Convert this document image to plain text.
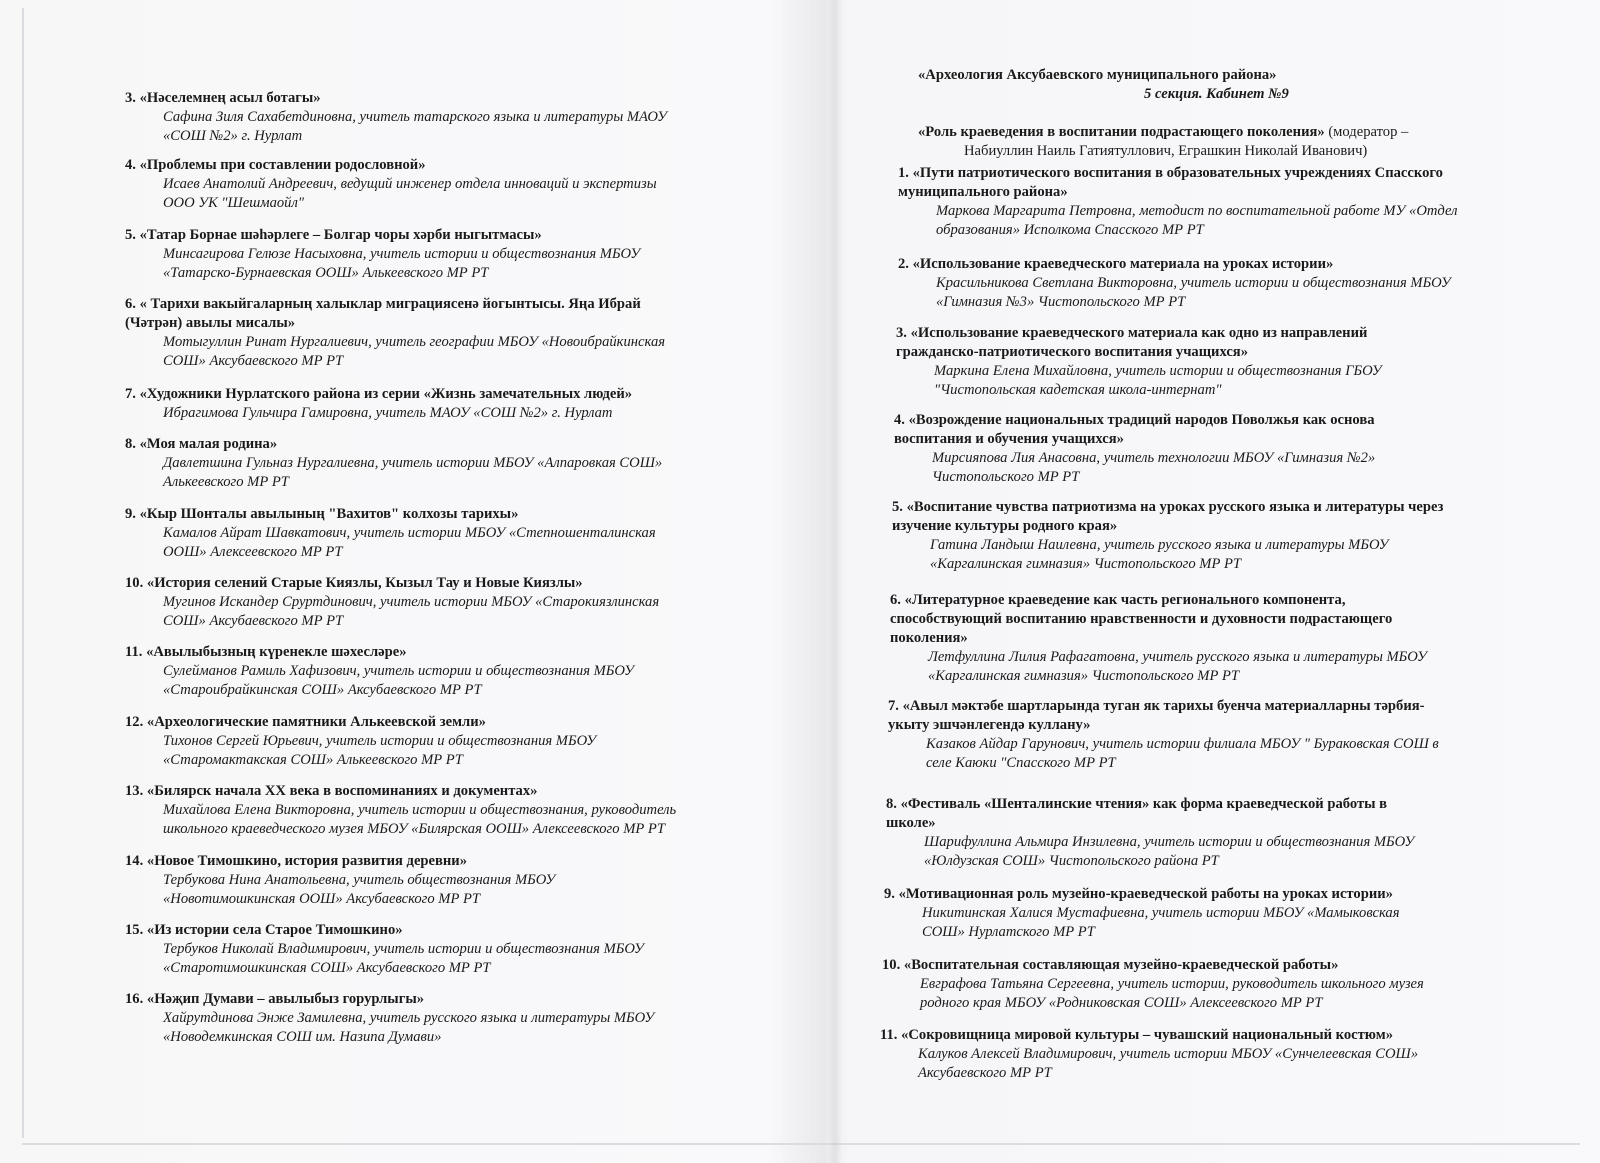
3. «Нәселемнең асыл ботагы»
Сафина Зиля Сахабетдиновна, учитель татарского языка и литературы МАОУ
«СОШ №2» г. Нурлат
4. «Проблемы при составлении родословной»
Исаев Анатолий Андреевич, ведущий инженер отдела инноваций и экспертизы
ООО УК "Шешмаойл"
5. «Татар Борнае шәһәрлеге – Болгар чоры хәрби ныгытмасы»
Минсагирова Гелюзе Насыховна, учитель истории и обществознания МБОУ
«Татарско-Бурнаевская ООШ» Алькеевского МР РТ
6. « Тарихи вакыйгаларның халыклар миграциясенә йогынтысы. Яңа Ибрай
(Чәтрән) авылы мисалы»
Мотыгуллин Ринат Нургалиевич, учитель географии МБОУ «Новоибрайкинская
СОШ» Аксубаевского МР РТ
7. «Художники Нурлатского района из серии «Жизнь замечательных людей»
Ибрагимова Гульчира Гамировна, учитель МАОУ «СОШ №2» г. Нурлат
8. «Моя малая родина»
Давлетшина Гульназ Нургалиевна, учитель истории МБОУ «Алпаровкая СОШ»
Алькеевского МР РТ
9. «Кыр Шонталы авылының "Вахитов" колхозы тарихы»
Камалов Айрат Шавкатович, учитель истории МБОУ «Степношенталинская
ООШ» Алексеевского МР РТ
10. «История селений Старые Киязлы, Кызыл Тау и Новые Киязлы»
Мугинов Искандер Сруртдинович, учитель истории МБОУ «Старокиязлинская
СОШ» Аксубаевского МР РТ
11. «Авылыбызның күренекле шәхесләре»
Сулейманов Рамиль Хафизович, учитель истории и обществознания МБОУ
«Староибрайкинская СОШ» Аксубаевского МР РТ
12. «Археологические памятники Алькеевской земли»
Тихонов Сергей Юрьевич, учитель истории и обществознания МБОУ
«Старомактакская СОШ» Алькеевского МР РТ
13. «Билярск начала XX века в воспоминаниях и документах»
Михайлова Елена Викторовна, учитель истории и обществознания, руководитель
школьного краеведческого музея МБОУ «Билярская ООШ» Алексеевского МР РТ
14. «Новое Тимошкино, история развития деревни»
Тербукова Нина Анатольевна, учитель обществознания МБОУ
«Новотимошкинская ООШ» Аксубаевского МР РТ
15. «Из истории села Старое Тимошкино»
Тербуков Николай Владимирович, учитель истории и обществознания МБОУ
«Старотимошкинская СОШ» Аксубаевского МР РТ
16. «Нәҗип Думави – авылыбыз горурлыгы»
Хайрутдинова Энже Замилевна, учитель русского языка и литературы МБОУ
«Новодемкинская СОШ им. Назипа Думави»
«Археология Аксубаевского муниципального района»
5 секция. Кабинет №9
«Роль краеведения в воспитании подрастающего поколения» (модератор –
Набиуллин Наиль Гатиятуллович, Еграшкин Николай Иванович)
1. «Пути патриотического воспитания в образовательных учреждениях Спасского
муниципального района»
Маркова Маргарита Петровна, методист по воспитательной работе МУ «Отдел
образования» Исполкома Спасского МР РТ
2. «Использование краеведческого материала на уроках истории»
Красильникова Светлана Викторовна, учитель истории и обществознания МБОУ
«Гимназия №3» Чистопольского МР РТ
3. «Использование краеведческого материала как одно из направлений
гражданско-патриотического воспитания учащихся»
Маркина Елена Михайловна, учитель истории и обществознания ГБОУ
"Чистопольская кадетская школа-интернат"
4. «Возрождение национальных традиций народов Поволжья как основа
воспитания и обучения учащихся»
Мирсияпова Лия Анасовна, учитель технологии МБОУ «Гимназия №2»
Чистопольского МР РТ
5. «Воспитание чувства патриотизма на уроках русского языка и литературы через
изучение культуры родного края»
Гатина Ландыш Наилевна, учитель русского языка и литературы МБОУ
«Каргалинская гимназия» Чистопольского МР РТ
6. «Литературное краеведение как часть регионального компонента,
способствующий воспитанию нравственности и духовности подрастающего
поколения»
Летфуллина Лилия Рафагатовна, учитель русского языка и литературы МБОУ
«Каргалинская гимназия» Чистопольского МР РТ
7. «Авыл мәктәбе шартларында туган як тарихы буенча материалларны тәрбия-
укыту эшчәнлегендә куллану»
Казаков Айдар Гарунович, учитель истории филиала МБОУ " Бураковская СОШ в
селе Каюки "Спасского МР РТ
8. «Фестиваль «Шенталинские чтения» как форма краеведческой работы в
школе»
Шарифуллина Альмира Инзилевна, учитель истории и обществознания МБОУ
«Юлдузская СОШ» Чистопольского района РТ
9. «Мотивационная роль музейно-краеведческой работы на уроках истории»
Никитинская Халися Мустафиевна, учитель истории МБОУ «Мамыковская
СОШ» Нурлатского МР РТ
10. «Воспитательная составляющая музейно-краеведческой работы»
Евграфова Татьяна Сергеевна, учитель истории, руководитель школьного музея
родного края МБОУ «Родниковская СОШ» Алексеевского МР РТ
11. «Сокровищница мировой культуры – чувашский национальный костюм»
Калуков Алексей Владимирович, учитель истории МБОУ «Сунчелеевская СОШ»
Аксубаевского МР РТ
